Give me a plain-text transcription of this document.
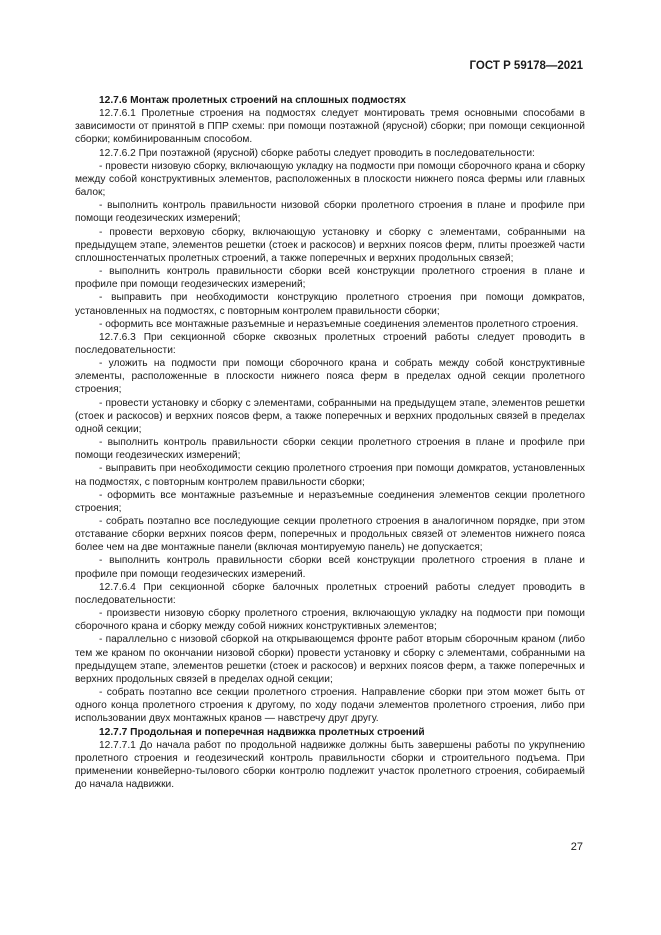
ГОСТ Р 59178—2021

12.7.6 Монтаж пролетных строений на сплошных подмостях

12.7.6.1 Пролетные строения на подмостях следует монтировать тремя основными способами в зависимости от принятой в ППР схемы: при помощи поэтажной (ярусной) сборки; при помощи секционной сборки; комбинированным способом.

12.7.6.2 При поэтажной (ярусной) сборке работы следует проводить в последовательности:

- провести низовую сборку, включающую укладку на подмости при помощи сборочного крана и сборку между собой конструктивных элементов, расположенных в плоскости нижнего пояса фермы или главных балок;

- выполнить контроль правильности низовой сборки пролетного строения в плане и профиле при помощи геодезических измерений;

- провести верховую сборку, включающую установку и сборку с элементами, собранными на предыдущем этапе, элементов решетки (стоек и раскосов) и верхних поясов ферм, плиты проезжей части сплошностенчатых пролетных строений, а также поперечных и верхних продольных связей;

- выполнить контроль правильности сборки всей конструкции пролетного строения в плане и профиле при помощи геодезических измерений;

- выправить при необходимости конструкцию пролетного строения при помощи домкратов, установленных на подмостях, с повторным контролем правильности сборки;

- оформить все монтажные разъемные и неразъемные соединения элементов пролетного строения.

12.7.6.3 При секционной сборке сквозных пролетных строений работы следует проводить в последовательности:

- уложить на подмости при помощи сборочного крана и собрать между собой конструктивные элементы, расположенные в плоскости нижнего пояса ферм в пределах одной секции пролетного строения;

- провести установку и сборку с элементами, собранными на предыдущем этапе, элементов решетки (стоек и раскосов) и верхних поясов ферм, а также поперечных и верхних продольных связей в пределах одной секции;

- выполнить контроль правильности сборки секции пролетного строения в плане и профиле при помощи геодезических измерений;

- выправить при необходимости секцию пролетного строения при помощи домкратов, установленных на подмостях, с повторным контролем правильности сборки;

- оформить все монтажные разъемные и неразъемные соединения элементов секции пролетного строения;

- собрать поэтапно все последующие секции пролетного строения в аналогичном порядке, при этом отставание сборки верхних поясов ферм, поперечных и продольных связей от элементов нижнего пояса более чем на две монтажные панели (включая монтируемую панель) не допускается;

- выполнить контроль правильности сборки всей конструкции пролетного строения в плане и профиле при помощи геодезических измерений.

12.7.6.4 При секционной сборке балочных пролетных строений работы следует проводить в последовательности:

- произвести низовую сборку пролетного строения, включающую укладку на подмости при помощи сборочного крана и сборку между собой нижних конструктивных элементов;

- параллельно с низовой сборкой на открывающемся фронте работ вторым сборочным краном (либо тем же краном по окончании низовой сборки) провести установку и сборку с элементами, собранными на предыдущем этапе, элементов решетки (стоек и раскосов) и верхних поясов ферм, а также поперечных и верхних продольных связей в пределах одной секции;

- собрать поэтапно все секции пролетного строения. Направление сборки при этом может быть от одного конца пролетного строения к другому, по ходу подачи элементов пролетного строения, либо при использовании двух монтажных кранов — навстречу друг другу.

12.7.7 Продольная и поперечная надвижка пролетных строений

12.7.7.1 До начала работ по продольной надвижке должны быть завершены работы по укрупнению пролетного строения и геодезический контроль правильности сборки и строительного подъема. При применении конвейерно-тылового сборки контролю подлежит участок пролетного строения, собираемый до начала надвижки.

27
